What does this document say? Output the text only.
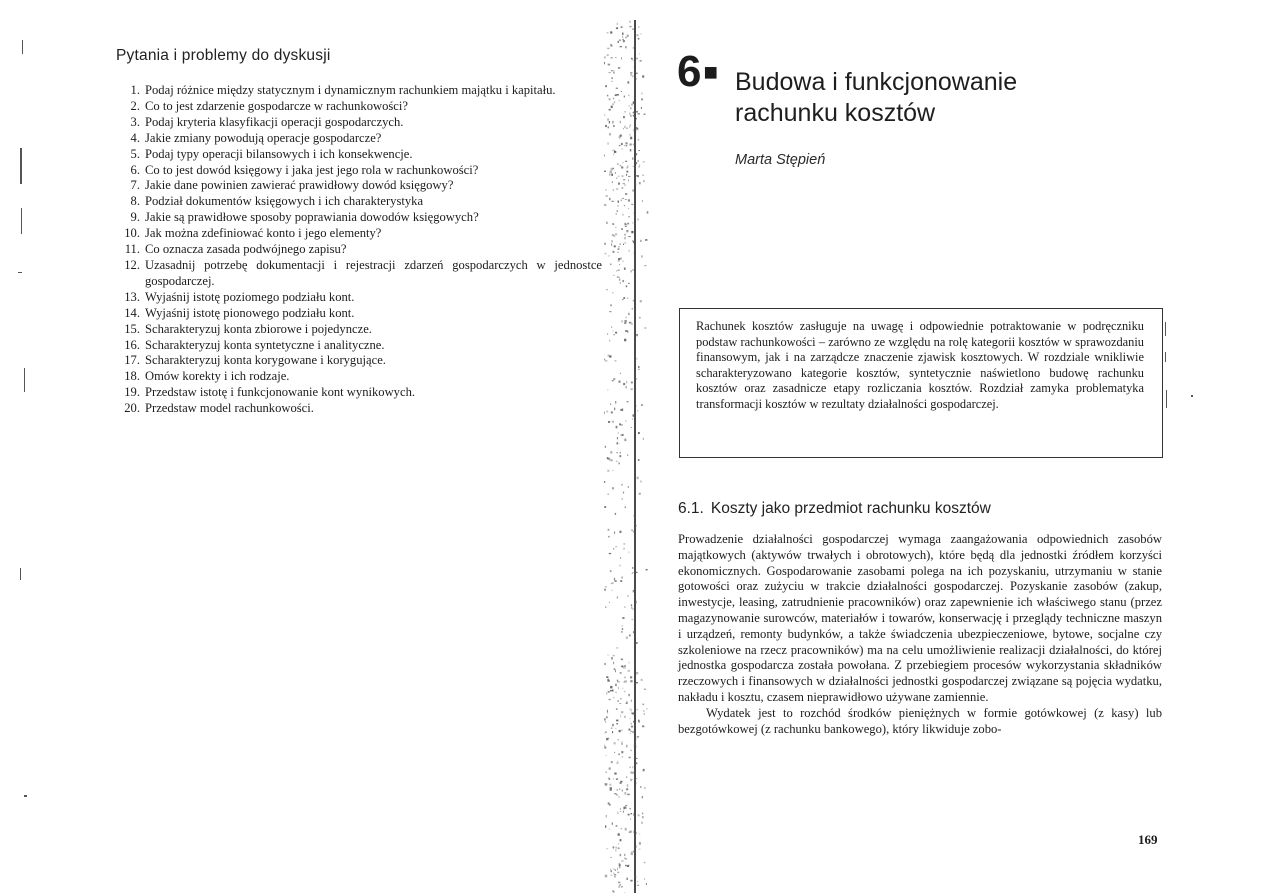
Pytania i problemy do dyskusji
1. Podaj różnice między statycznym i dynamicznym rachunkiem majątku i kapitału.
2. Co to jest zdarzenie gospodarcze w rachunkowości?
3. Podaj kryteria klasyfikacji operacji gospodarczych.
4. Jakie zmiany powodują operacje gospodarcze?
5. Podaj typy operacji bilansowych i ich konsekwencje.
6. Co to jest dowód księgowy i jaka jest jego rola w rachunkowości?
7. Jakie dane powinien zawierać prawidłowy dowód księgowy?
8. Podział dokumentów księgowych i ich charakterystyka
9. Jakie są prawidłowe sposoby poprawiania dowodów księgowych?
10. Jak można zdefiniować konto i jego elementy?
11. Co oznacza zasada podwójnego zapisu?
12. Uzasadnij potrzebę dokumentacji i rejestracji zdarzeń gospodarczych w jednostce gospodarczej.
13. Wyjaśnij istotę poziomego podziału kont.
14. Wyjaśnij istotę pionowego podziału kont.
15. Scharakteryzuj konta zbiorowe i pojedyncze.
16. Scharakteryzuj konta syntetyczne i analityczne.
17. Scharakteryzuj konta korygowane i korygujące.
18. Omów korekty i ich rodzaje.
19. Przedstaw istotę i funkcjonowanie kont wynikowych.
20. Przedstaw model rachunkowości.
6■ Budowa i funkcjonowanie
rachunku kosztów
Marta Stępień
Rachunek kosztów zasługuje na uwagę i odpowiednie potraktowanie w podręczniku podstaw rachunkowości – zarówno ze względu na rolę kategorii kosztów w sprawozdaniu finansowym, jak i na zarządcze znaczenie zjawisk kosztowych. W rozdziale wnikliwie scharakteryzowano kategorie kosztów, syntetycznie naświetlono budowę rachunku kosztów oraz zasadnicze etapy rozliczania kosztów. Rozdział zamyka problematyka transformacji kosztów w rezultaty działalności gospodarczej.
6.1. Koszty jako przedmiot rachunku kosztów

Prowadzenie działalności gospodarczej wymaga zaangażowania odpowiednich zasobów majątkowych (aktywów trwałych i obrotowych), które będą dla jednostki źródłem korzyści ekonomicznych. Gospodarowanie zasobami polega na ich pozyskaniu, utrzymaniu w stanie gotowości oraz zużyciu w trakcie działalności gospodarczej. Pozyskanie zasobów (zakup, inwestycje, leasing, zatrudnienie pracowników) oraz zapewnienie ich właściwego stanu (przez magazynowanie surowców, materiałów i towarów, konserwację i przeglądy techniczne maszyn i urządzeń, remonty budynków, a także świadczenia ubezpieczeniowe, bytowe, socjalne czy szkoleniowe na rzecz pracowników) ma na celu umożliwienie realizacji działalności, do której jednostka gospodarcza została powołana. Z przebiegiem procesów wykorzystania składników rzeczowych i finansowych w działalności jednostki gospodarczej związane są pojęcia wydatku, nakładu i kosztu, czasem nieprawidłowo używane zamiennie.

Wydatek jest to rozchód środków pieniężnych w formie gotówkowej (z kasy) lub bezgotówkowej (z rachunku bankowego), który likwiduje zobo-

169
